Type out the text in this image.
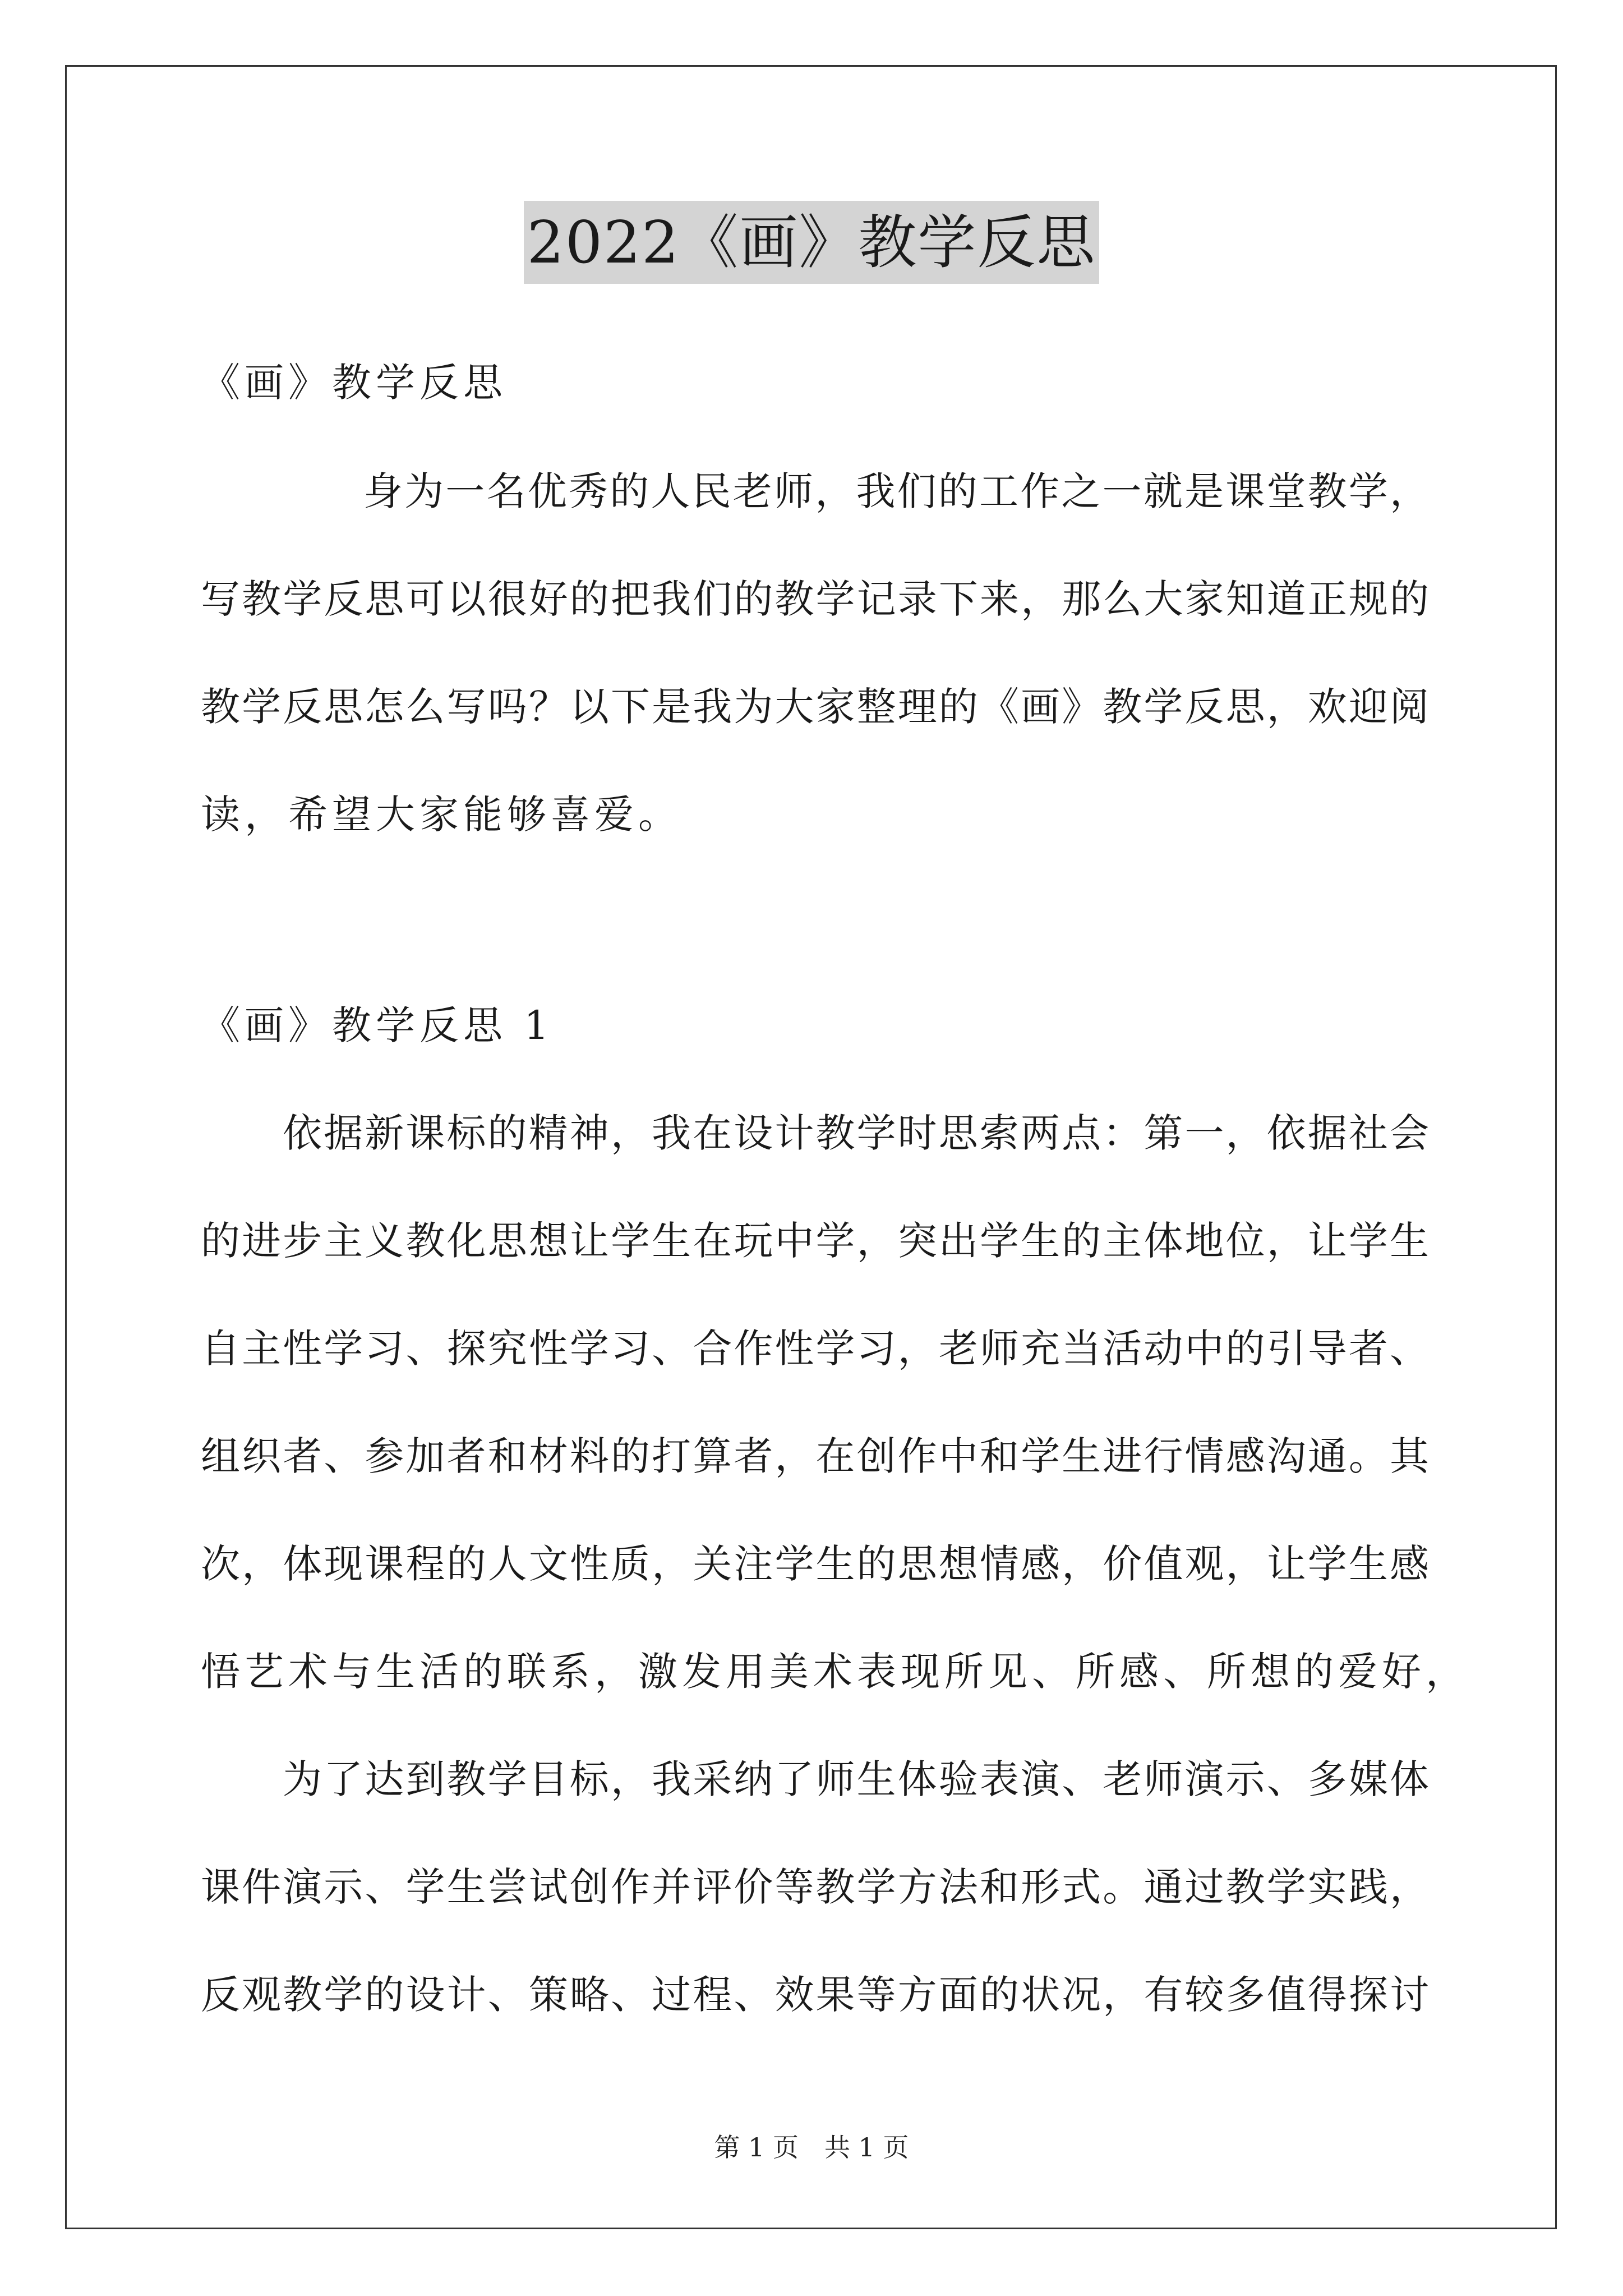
2022《画》教学反思
《画》教学反思
身为一名优秀的人民老师，我们的工作之一就是课堂教学，
写教学反思可以很好的把我们的教学记录下来，那么大家知道正规的
教学反思怎么写吗？以下是我为大家整理的《画》教学反思，欢迎阅
读，希望大家能够喜爱。
《画》教学反思 1
依据新课标的精神，我在设计教学时思索两点：第一，依据社会
的进步主义教化思想让学生在玩中学，突出学生的主体地位，让学生
自主性学习、探究性学习、合作性学习，老师充当活动中的引导者、
组织者、参加者和材料的打算者，在创作中和学生进行情感沟通。其
次，体现课程的人文性质，关注学生的思想情感，价值观，让学生感
悟艺术与生活的联系，激发用美术表现所见、所感、所想的爱好，
为了达到教学目标，我采纳了师生体验表演、老师演示、多媒体
课件演示、学生尝试创作并评价等教学方法和形式。通过教学实践，
反观教学的设计、策略、过程、效果等方面的状况，有较多值得探讨
第 1 页　共 1 页
